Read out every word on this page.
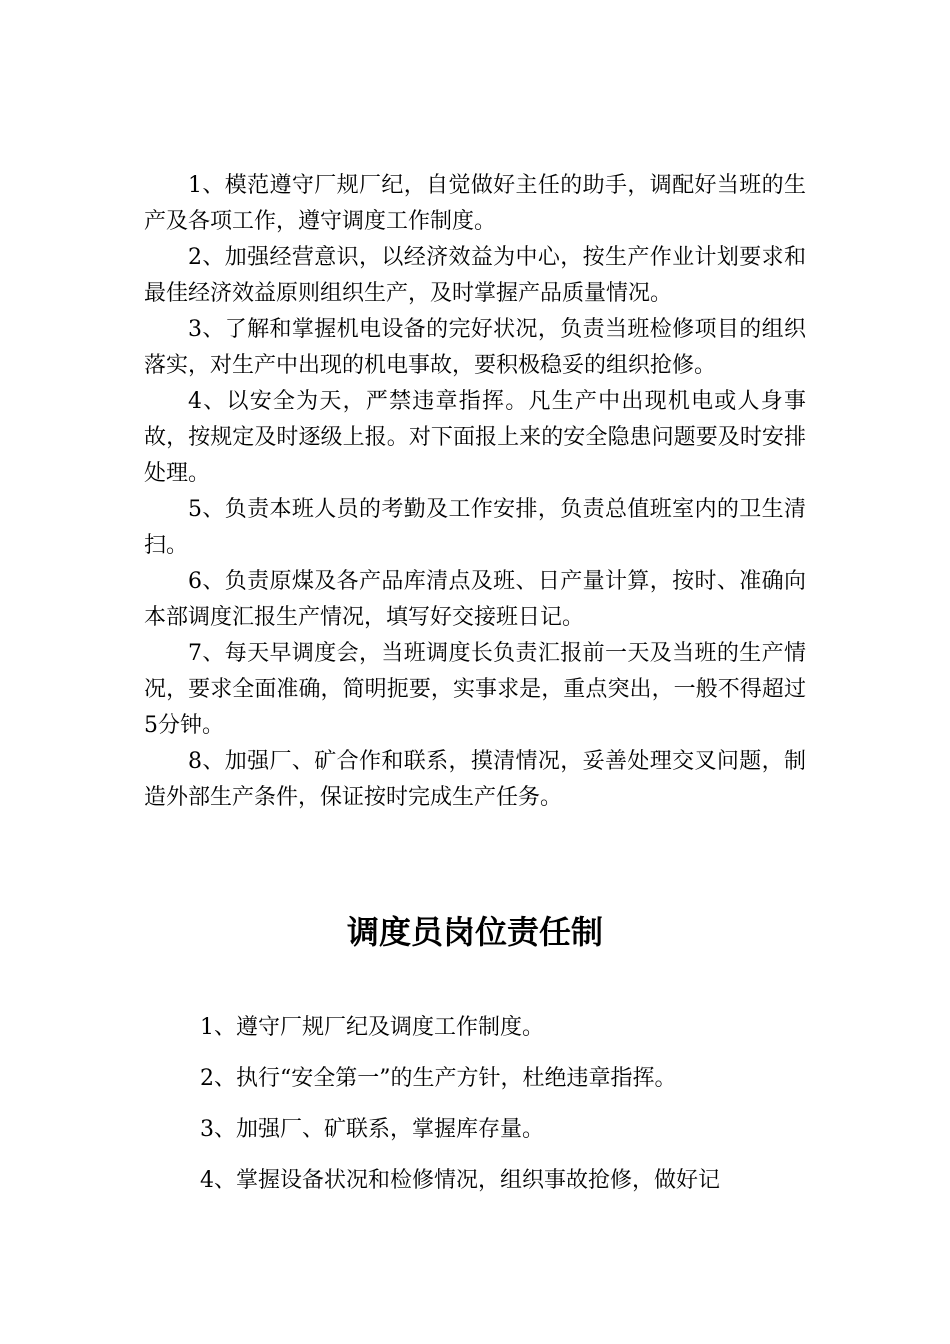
1、模范遵守厂规厂纪，自觉做好主任的助手，调配好当班的生产及各项工作，遵守调度工作制度。

2、加强经营意识，以经济效益为中心，按生产作业计划要求和最佳经济效益原则组织生产，及时掌握产品质量情况。

3、了解和掌握机电设备的完好状况，负责当班检修项目的组织落实，对生产中出现的机电事故，要积极稳妥的组织抢修。

4、以安全为天，严禁违章指挥。凡生产中出现机电或人身事故，按规定及时逐级上报。对下面报上来的安全隐患问题要及时安排处理。

5、负责本班人员的考勤及工作安排，负责总值班室内的卫生清扫。

6、负责原煤及各产品库清点及班、日产量计算，按时、准确向本部调度汇报生产情况，填写好交接班日记。

7、每天早调度会，当班调度长负责汇报前一天及当班的生产情况，要求全面准确，简明扼要，实事求是，重点突出，一般不得超过5分钟。

8、加强厂、矿合作和联系，摸清情况，妥善处理交叉问题，制造外部生产条件，保证按时完成生产任务。

调度员岗位责任制

1、遵守厂规厂纪及调度工作制度。

2、执行“安全第一”的生产方针，杜绝违章指挥。

3、加强厂、矿联系，掌握库存量。

4、掌握设备状况和检修情况，组织事故抢修，做好记
